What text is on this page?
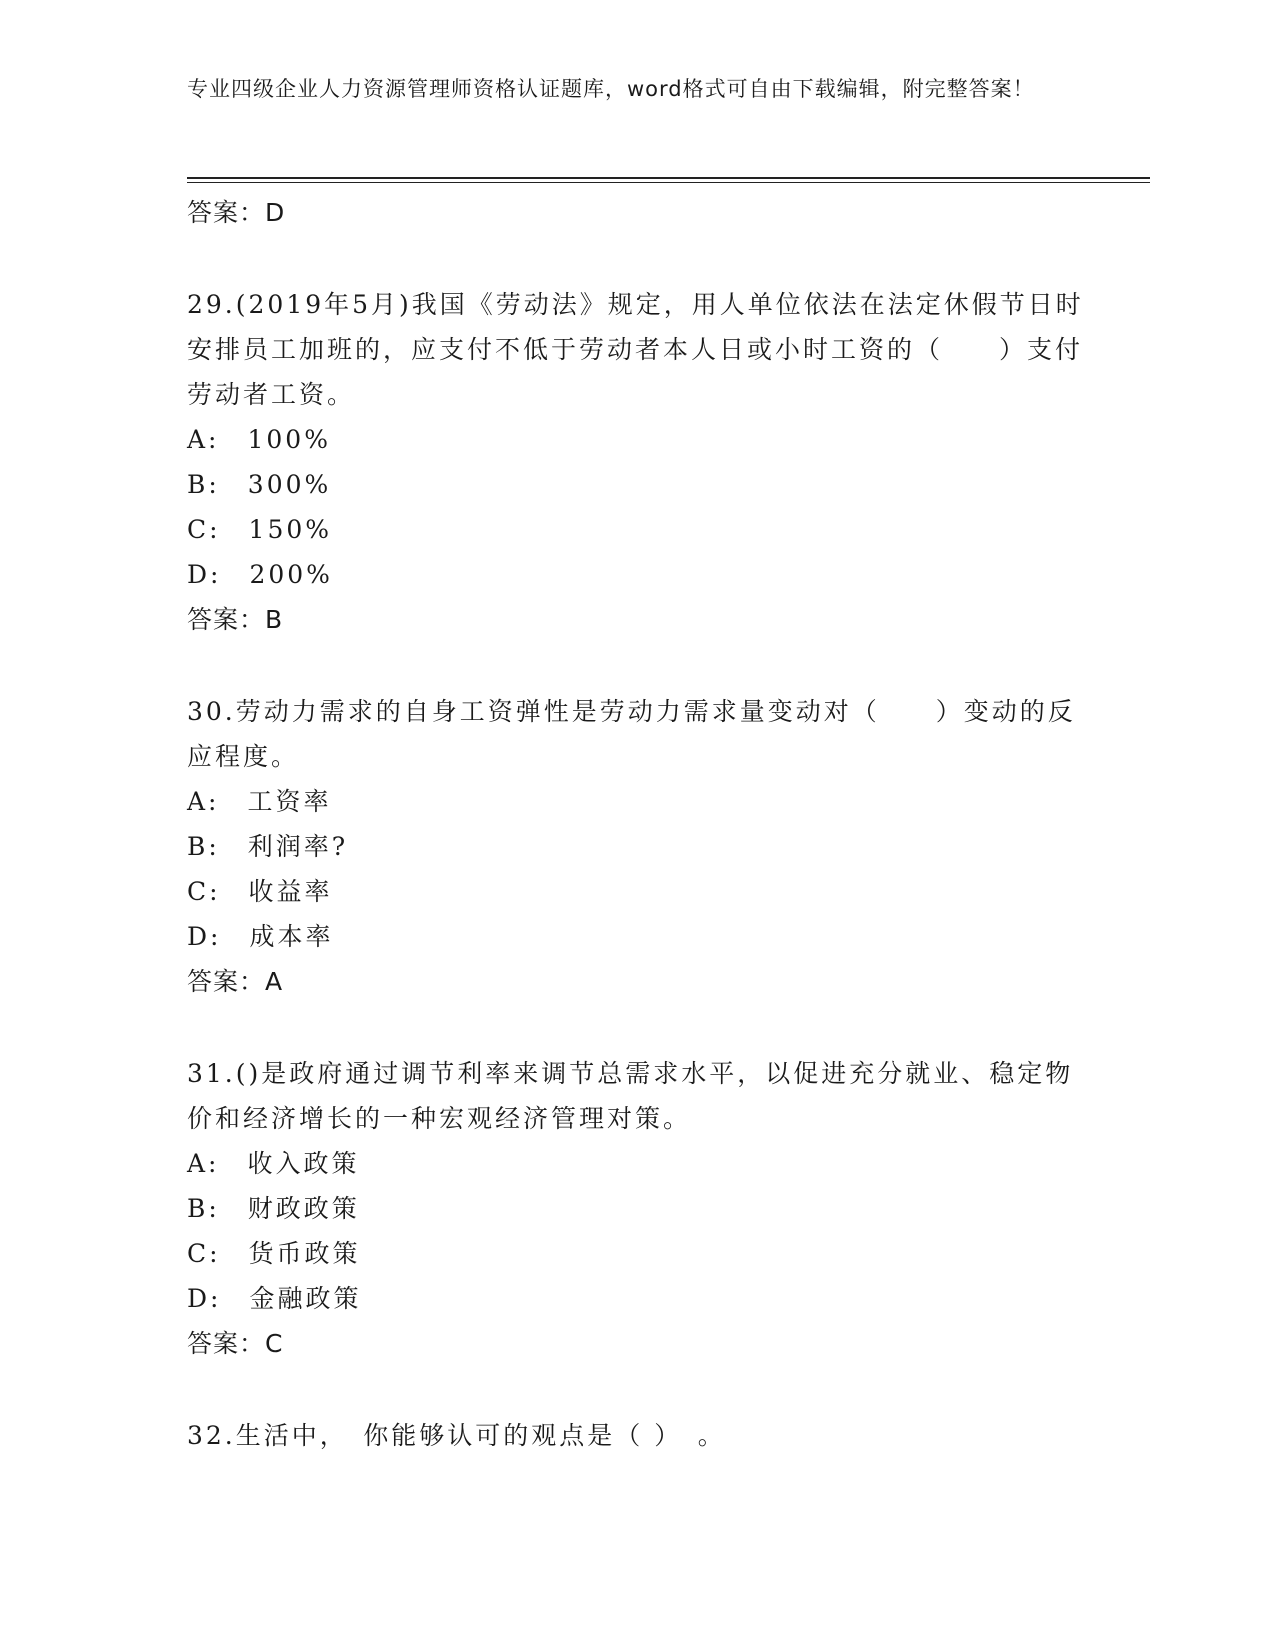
专业四级企业人力资源管理师资格认证题库，word格式可自由下载编辑，附完整答案！
答案：D
29.(2019年5月)我国《劳动法》规定，用人单位依法在法定休假节日时安排员工加班的，应支付不低于劳动者本人日或小时工资的（　　）支付劳动者工资。
A:　100%
B:　300%
C:　150%
D:　200%
答案：B
30.劳动力需求的自身工资弹性是劳动力需求量变动对（　　）变动的反应程度。
A:　工资率
B:　利润率?
C:　收益率
D:　成本率
答案：A
31.()是政府通过调节利率来调节总需求水平，以促进充分就业、稳定物价和经济增长的一种宏观经济管理对策。
A:　收入政策
B:　财政政策
C:　货币政策
D:　金融政策
答案：C
32.生活中，　你能够认可的观点是（ ）　。
